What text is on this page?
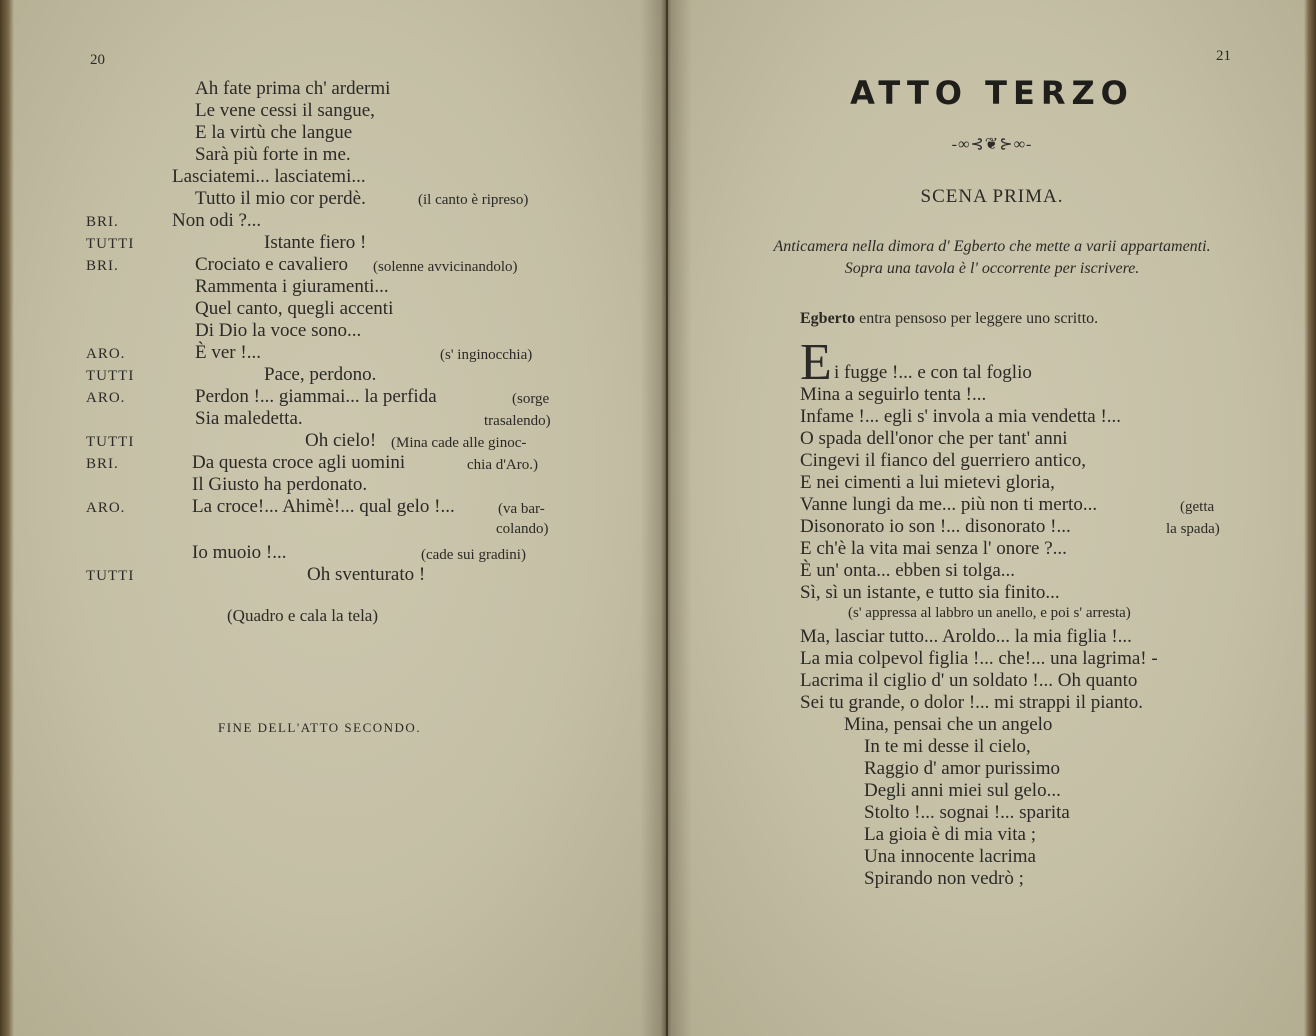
20
Ah fate prima ch' ardermi
Le vene cessi il sangue,
E la virtù che langue
Sarà più forte in me.
Lasciatemi... lasciatemi...
Tutto il mio cor perdè.	(il canto è ripreso)
BRI.	Non odi ?...
TUTTI	Istante fiero !
BRI.	Crociato e cavaliero (solenne avvicinandolo)
Rammenta i giuramenti...
Quel canto, quegli accenti
Di Dio la voce sono...
ARO.	È ver !...	(s' inginocchia)
TUTTI	Pace, perdono.
ARO.	Perdon !... giammai... la perfida	(sorge
Sia maledetta.	trasalendo)
TUTTI	Oh cielo! (Mina cade alle ginoc-
BRI.	Da questa croce agli uomini	chia d'Aro.)
Il Giusto ha perdonato.
ARO.	La croce!... Ahimè!... qual gelo !...	(va bar-
colando)
Io muoio !...	(cade sui gradini)
TUTTI	Oh sventurato !
(Quadro e cala la tela)
FINE DELL'ATTO SECONDO.
21
ATTO TERZO
-∞⊰❦⊱∞-
SCENA PRIMA.
Anticamera nella dimora d' Egberto che mette a varii appartamenti.
Sopra una tavola è l' occorrente per iscrivere.
Egberto entra pensoso per leggere uno scritto.
E i fugge !... e con tal foglio
Mina a seguirlo tenta !...
Infame !... egli s' invola a mia vendetta !...
O spada dell'onor che per tant' anni
Cingevi il fianco del guerriero antico,
E nei cimenti a lui mietevi gloria,
Vanne lungi da me... più non ti merto...	(getta
Disonorato io son !... disonorato !...	la spada)
E ch'è la vita mai senza l' onore ?...
È un' onta... ebben si tolga...
Sì, sì un istante, e tutto sia finito...
(s' appressa al labbro un anello, e poi s' arresta)
Ma, lasciar tutto... Aroldo... la mia figlia !...
La mia colpevol figlia !... che!... una lagrima! -
Lacrima il ciglio d' un soldato !... Oh quanto
Sei tu grande, o dolor !... mi strappi il pianto.
Mina, pensai che un angelo
In te mi desse il cielo,
Raggio d' amor purissimo
Degli anni miei sul gelo...
Stolto !... sognai !... sparita
La gioia è di mia vita ;
Una innocente lacrima
Spirando non vedrò ;
